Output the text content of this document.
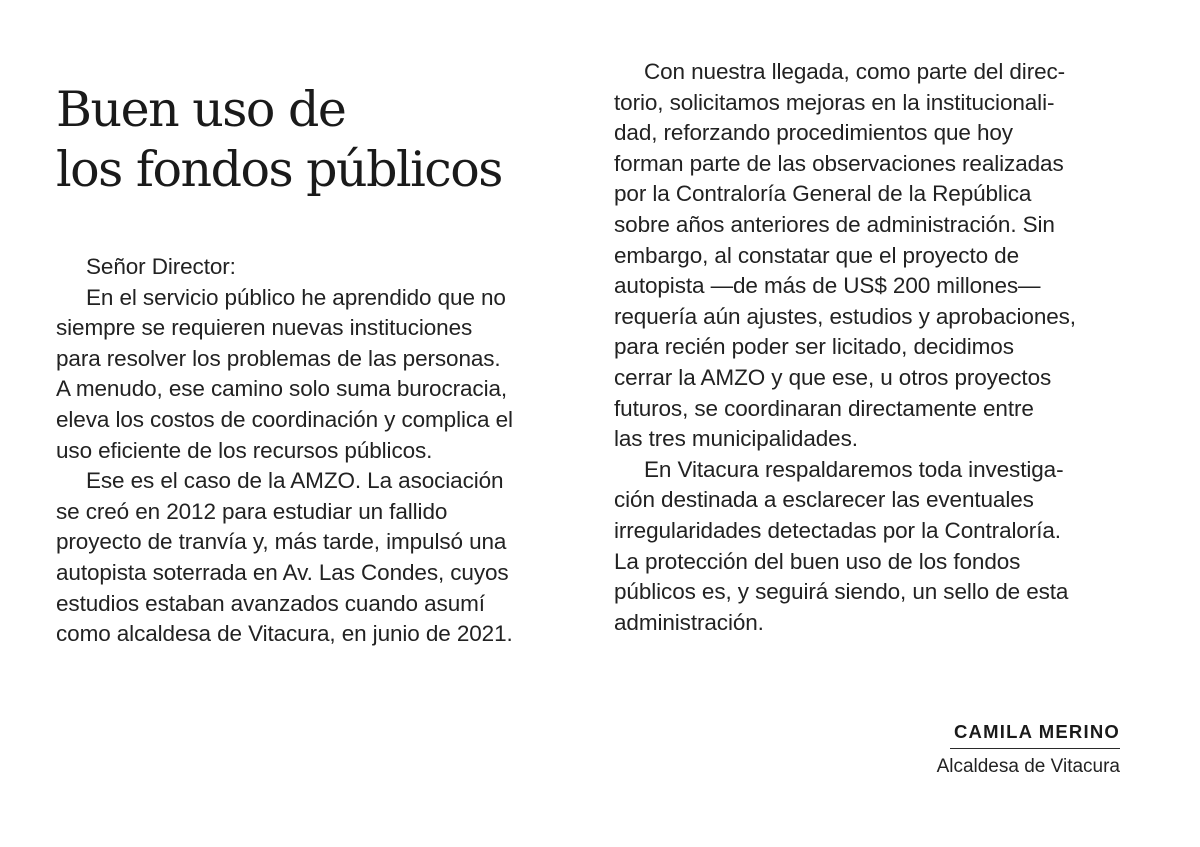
Buen uso de
los fondos públicos

Señor Director:

En el servicio público he aprendido que no
siempre se requieren nuevas instituciones
para resolver los problemas de las personas.
A menudo, ese camino solo suma burocracia,
eleva los costos de coordinación y complica el
uso eficiente de los recursos públicos.

Ese es el caso de la AMZO. La asociación
se creó en 2012 para estudiar un fallido
proyecto de tranvía y, más tarde, impulsó una
autopista soterrada en Av. Las Condes, cuyos
estudios estaban avanzados cuando asumí
como alcaldesa de Vitacura, en junio de 2021.

Con nuestra llegada, como parte del direc-
torio, solicitamos mejoras en la institucionali-
dad, reforzando procedimientos que hoy
forman parte de las observaciones realizadas
por la Contraloría General de la República
sobre años anteriores de administración. Sin
embargo, al constatar que el proyecto de
autopista —de más de US$ 200 millones—
requería aún ajustes, estudios y aprobaciones,
para recién poder ser licitado, decidimos
cerrar la AMZO y que ese, u otros proyectos
futuros, se coordinaran directamente entre
las tres municipalidades.

En Vitacura respaldaremos toda investiga-
ción destinada a esclarecer las eventuales
irregularidades detectadas por la Contraloría.
La protección del buen uso de los fondos
públicos es, y seguirá siendo, un sello de esta
administración.

CAMILA MERINO
Alcaldesa de Vitacura
